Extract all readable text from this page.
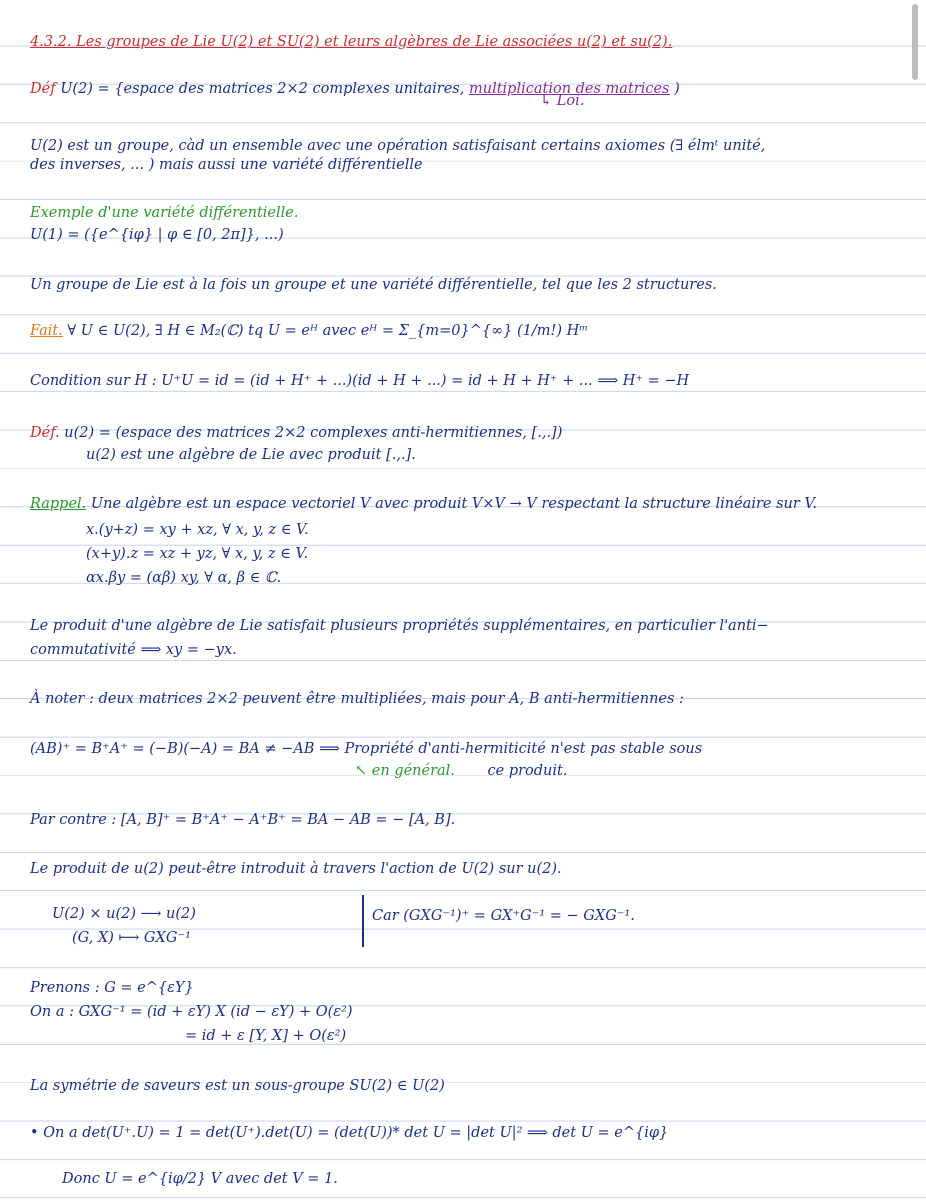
4.3.2. Les groupes de Lie U(2) et SU(2) et leurs algèbres de Lie associées u(2) et su(2).
Déf U(2) = {espace des matrices 2×2 complexes unitaires, multiplication des matrices )
↳ Loi.
U(2) est un groupe, càd un ensemble avec une opération satisfaisant certains axiomes (∃ élmᵗ unité,
des inverses, ... ) mais aussi une variété différentielle
Exemple d'une variété différentielle.
U(1) = ({e^{iφ} | φ ∈ [0, 2π]}, ...)
Un groupe de Lie est à la fois un groupe et une variété différentielle, tel que les 2 structures.
Fait. ∀ U ∈ U(2), ∃ H ∈ M₂(ℂ) tq U = eᴴ avec eᴴ = Σ_{m=0}^{∞} (1/m!) Hᵐ
Condition sur H : U⁺U = id = (id + H⁺ + ...)(id + H + ...) = id + H + H⁺ + ... ⟹ H⁺ = −H
Déf. u(2) = (espace des matrices 2×2 complexes anti-hermitiennes, [.,.])
u(2) est une algèbre de Lie avec produit [.,.].
Rappel. Une algèbre est un espace vectoriel V avec produit V×V → V respectant la structure linéaire sur V.
x.(y+z) = xy + xz, ∀ x, y, z ∈ V.
(x+y).z = xz + yz, ∀ x, y, z ∈ V.
αx.βy = (αβ) xy, ∀ α, β ∈ ℂ.
Le produit d'une algèbre de Lie satisfait plusieurs propriétés supplémentaires, en particulier l'anti−
commutativité ⟹ xy = −yx.
À noter : deux matrices 2×2 peuvent être multipliées, mais pour A, B anti-hermitiennes :
(AB)⁺ = B⁺A⁺ = (−B)(−A) = BA ≠ −AB ⟹ Propriété d'anti-hermiticité n'est pas stable sous
↖ en général. ce produit.
Par contre : [A, B]⁺ = B⁺A⁺ − A⁺B⁺ = BA − AB = − [A, B].
Le produit de u(2) peut-être introduit à travers l'action de U(2) sur u(2).
U(2) × u(2) ⟶ u(2)
(G, X) ⟼ GXG⁻¹
Car (GXG⁻¹)⁺ = GX⁺G⁻¹ = − GXG⁻¹.
Prenons : G = e^{εY}
On a : GXG⁻¹ = (id + εY) X (id − εY) + O(ε²)
= id + ε [Y, X] + O(ε²)
La symétrie de saveurs est un sous-groupe SU(2) ∈ U(2)
• On a det(U⁺.U) = 1 = det(U⁺).det(U) = (det(U))* det U = |det U|² ⟹ det U = e^{iφ}
Donc U = e^{iφ/2} V avec det V = 1.
